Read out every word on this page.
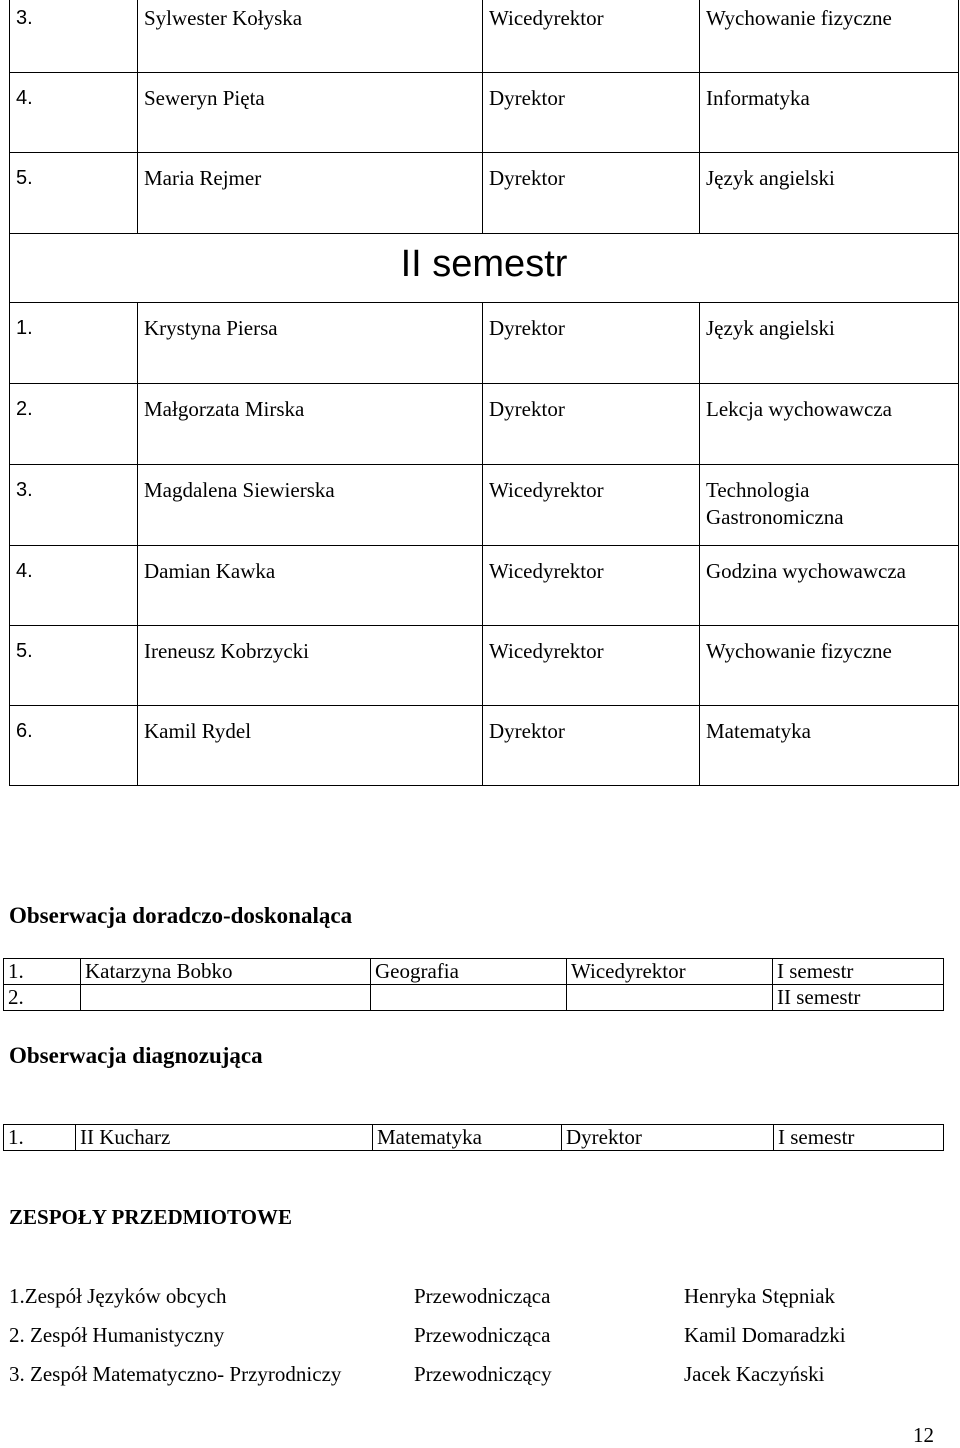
3.	Sylwester Kołyska	Wicedyrektor	Wychowanie fizyczne

4.	Seweryn Pięta	Dyrektor	Informatyka

5.	Maria Rejmer	Dyrektor	Język angielski

II semestr			

1.	Krystyna Piersa	Dyrektor	Język angielski

2.	Małgorzata Mirska	Dyrektor	Lekcja wychowawcza

3.	Magdalena Siewierska	Wicedyrektor	Technologia Gastronomiczna

4.	Damian Kawka	Wicedyrektor	Godzina wychowawcza

5.	Ireneusz Kobrzycki	Wicedyrektor	Wychowanie fizyczne

6.	Kamil Rydel	Dyrektor	Matematyka
Obserwacja doradczo-doskonaląca
1.	Katarzyna Bobko	Geografia	Wicedyrektor	I semestr
2.				II semestr
Obserwacja diagnozująca
1.	II Kucharz	Matematyka	Dyrektor	I semestr
ZESPOŁY PRZEDMIOTOWE
1.Zespół Języków obcych	Przewodnicząca	Henryka Stępniak
2. Zespół Humanistyczny	Przewodnicząca	Kamil Domaradzki
3. Zespół Matematyczno- Przyrodniczy	Przewodniczący	Jacek Kaczyński
12
